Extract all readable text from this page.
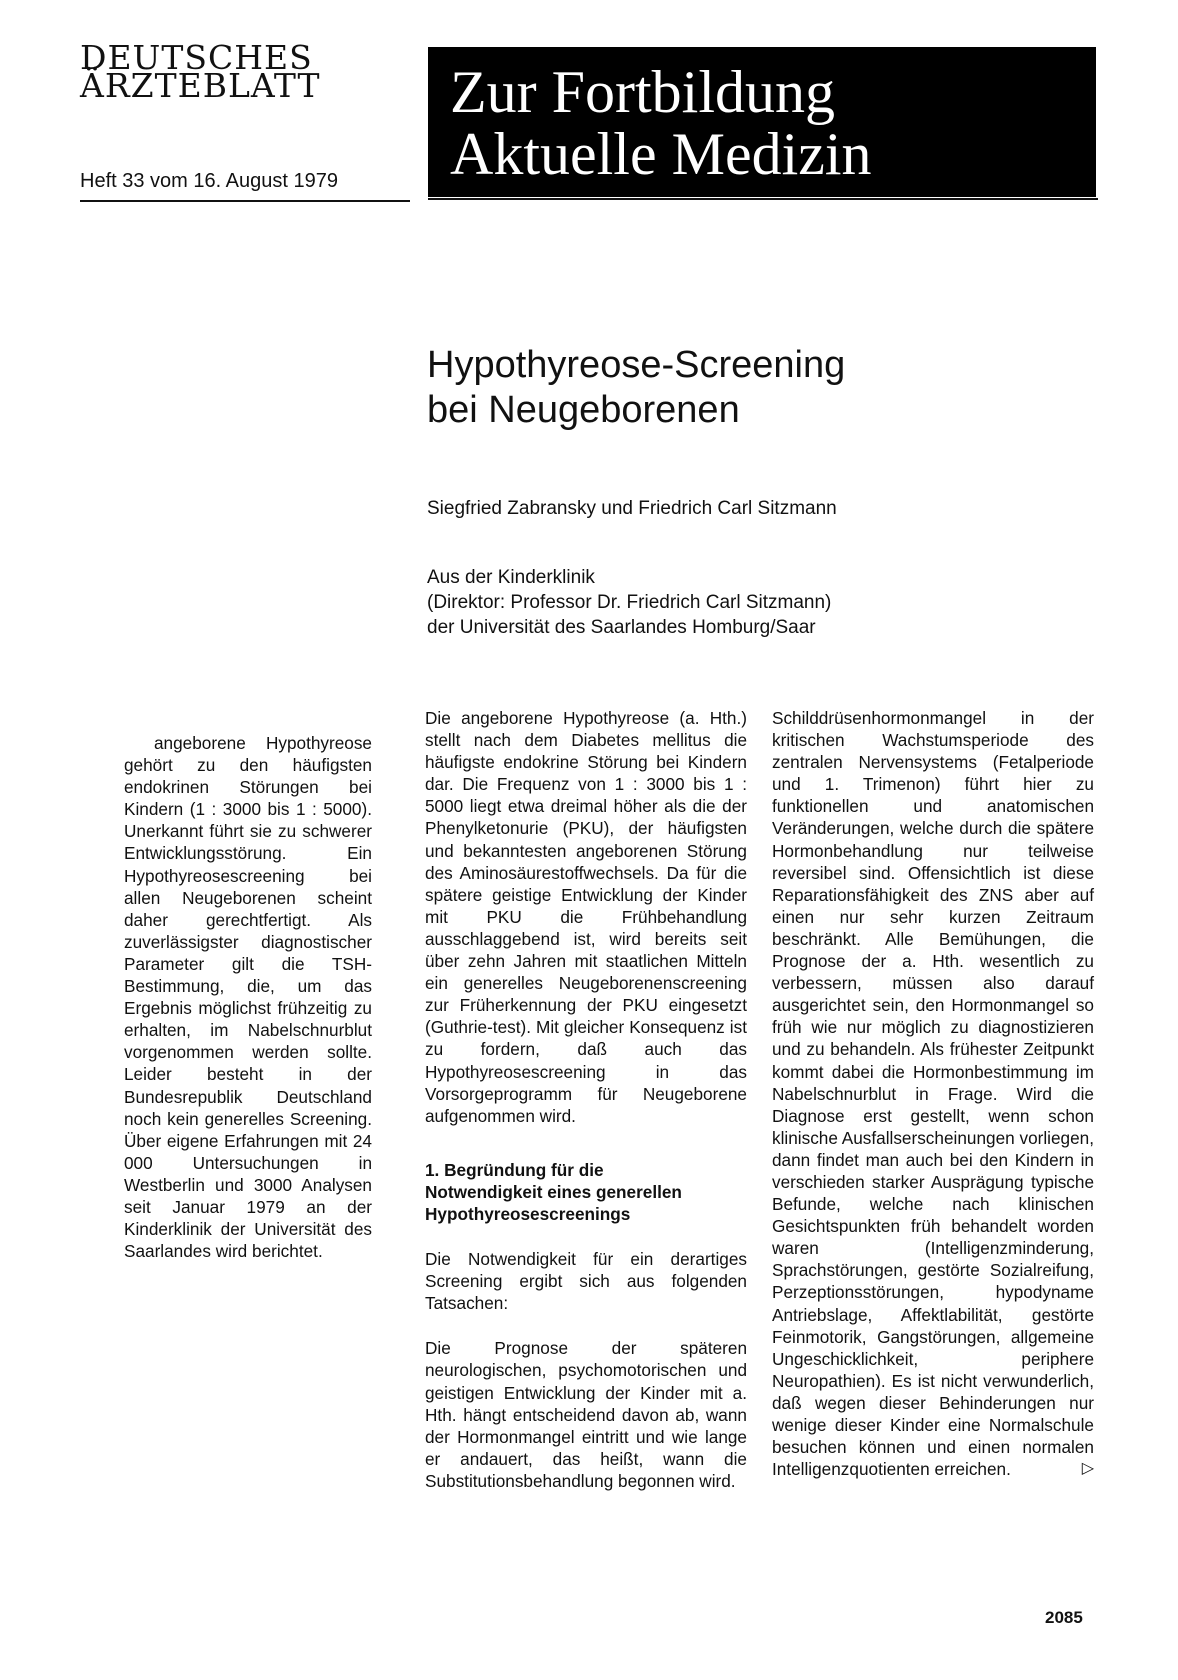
DEUTSCHES
ÄRZTEBLATT
Heft 33 vom 16. August 1979
Zur Fortbildung
Aktuelle Medizin
Hypothyreose-Screening
bei Neugeborenen
Siegfried Zabransky und Friedrich Carl Sitzmann
Aus der Kinderklinik
(Direktor: Professor Dr. Friedrich Carl Sitzmann)
der Universität des Saarlandes Homburg/Saar

angeborene Hypothyreose gehört zu den häufigsten endokrinen Störungen bei Kindern (1 : 3000 bis 1 : 5000). Unerkannt führt sie zu schwerer Entwicklungsstörung. Ein Hypothyreosescreening bei allen Neugeborenen scheint daher gerechtfertigt. Als zuverlässigster diagnostischer Parameter gilt die TSH-Bestimmung, die, um das Ergebnis möglichst frühzeitig zu erhalten, im Nabelschnurblut vorgenommen werden sollte. Leider besteht in der Bundesrepublik Deutschland noch kein generelles Screening. Über eigene Erfahrungen mit 24 000 Untersuchungen in Westberlin und 3000 Analysen seit Januar 1979 an der Kinderklinik der Universität des Saarlandes wird berichtet.

Die angeborene Hypothyreose (a. Hth.) stellt nach dem Diabetes mellitus die häufigste endokrine Störung bei Kindern dar. Die Frequenz von 1 : 3000 bis 1 : 5000 liegt etwa dreimal höher als die der Phenylketonurie (PKU), der häufigsten und bekanntesten angeborenen Störung des Aminosäurestoffwechsels. Da für die spätere geistige Entwicklung der Kinder mit PKU die Frühbehandlung ausschlaggebend ist, wird bereits seit über zehn Jahren mit staatlichen Mitteln ein generelles Neugeborenenscreening zur Früherkennung der PKU eingesetzt (Guthrie-test). Mit gleicher Konsequenz ist zu fordern, daß auch das Hypothyreosescreening in das Vorsorgeprogramm für Neugeborene aufgenommen wird.

1. Begründung für die
Notwendigkeit eines generellen
Hypothyreosescreenings

Die Notwendigkeit für ein derartiges Screening ergibt sich aus folgenden Tatsachen:

Die Prognose der späteren neurologischen, psychomotorischen und geistigen Entwicklung der Kinder mit a. Hth. hängt entscheidend davon ab, wann der Hormonmangel eintritt und wie lange er andauert, das heißt, wann die Substitutionsbehandlung begonnen wird.

Schilddrüsenhormonmangel in der kritischen Wachstumsperiode des zentralen Nervensystems (Fetalperiode und 1. Trimenon) führt hier zu funktionellen und anatomischen Veränderungen, welche durch die spätere Hormonbehandlung nur teilweise reversibel sind. Offensichtlich ist diese Reparationsfähigkeit des ZNS aber auf einen nur sehr kurzen Zeitraum beschränkt. Alle Bemühungen, die Prognose der a. Hth. wesentlich zu verbessern, müssen also darauf ausgerichtet sein, den Hormonmangel so früh wie nur möglich zu diagnostizieren und zu behandeln. Als frühester Zeitpunkt kommt dabei die Hormonbestimmung im Nabelschnurblut in Frage. Wird die Diagnose erst gestellt, wenn schon klinische Ausfallserscheinungen vorliegen, dann findet man auch bei den Kindern in verschieden starker Ausprägung typische Befunde, welche nach klinischen Gesichtspunkten früh behandelt worden waren (Intelligenzminderung, Sprachstörungen, gestörte Sozialreifung, Perzeptionsstörungen, hypodyname Antriebslage, Affektlabilität, gestörte Feinmotorik, Gangstörungen, allgemeine Ungeschicklichkeit, periphere Neuropathien). Es ist nicht verwunderlich, daß wegen dieser Behinderungen nur wenige dieser Kinder eine Normalschule besuchen können und einen normalen Intelligenzquotienten erreichen.	▷

2085
